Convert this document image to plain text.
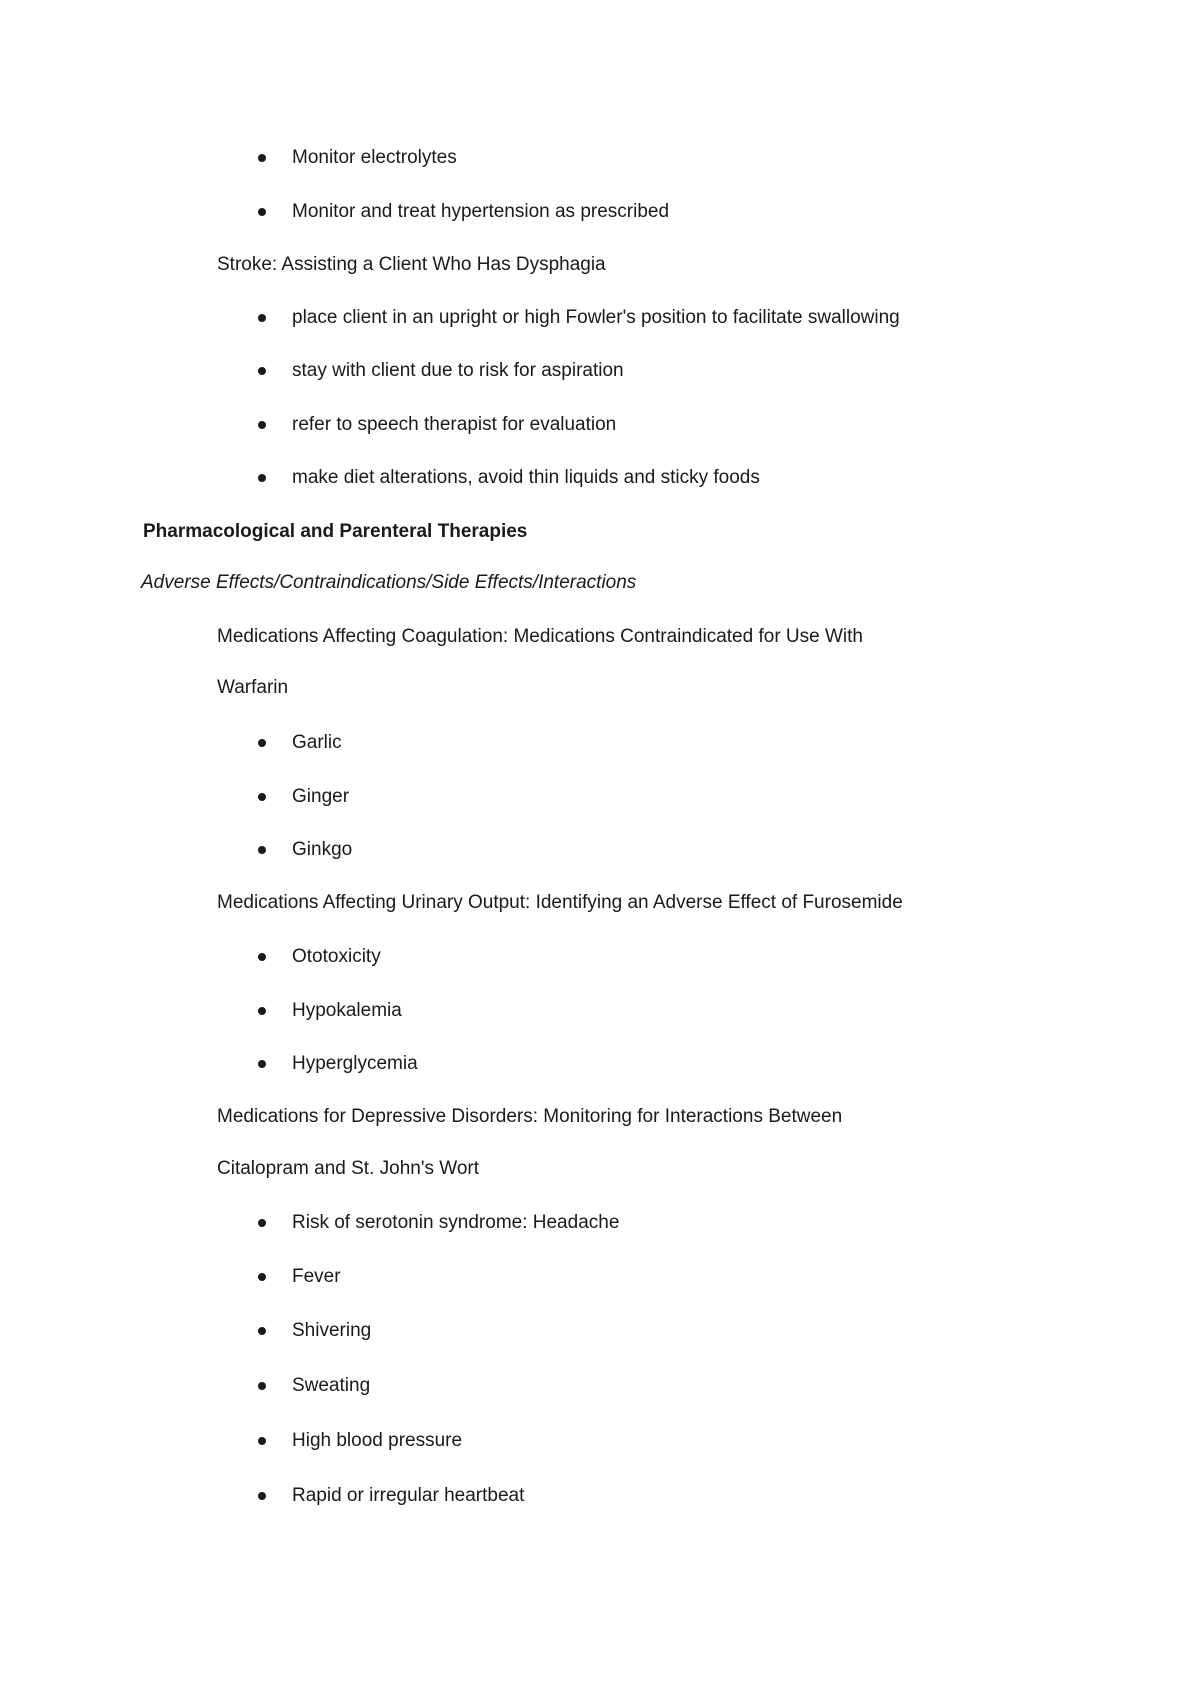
Monitor electrolytes
Monitor and treat hypertension as prescribed
Stroke: Assisting a Client Who Has Dysphagia
place client in an upright or high Fowler's position to facilitate swallowing
stay with client due to risk for aspiration
refer to speech therapist for evaluation
make diet alterations, avoid thin liquids and sticky foods
Pharmacological and Parenteral Therapies
Adverse Effects/Contraindications/Side Effects/Interactions
Medications Affecting Coagulation: Medications Contraindicated for Use With
Warfarin
Garlic
Ginger
Ginkgo
Medications Affecting Urinary Output: Identifying an Adverse Effect of Furosemide
Ototoxicity
Hypokalemia
Hyperglycemia
Medications for Depressive Disorders: Monitoring for Interactions Between
Citalopram and St. John's Wort
Risk of serotonin syndrome: Headache
Fever
Shivering
Sweating
High blood pressure
Rapid or irregular heartbeat
